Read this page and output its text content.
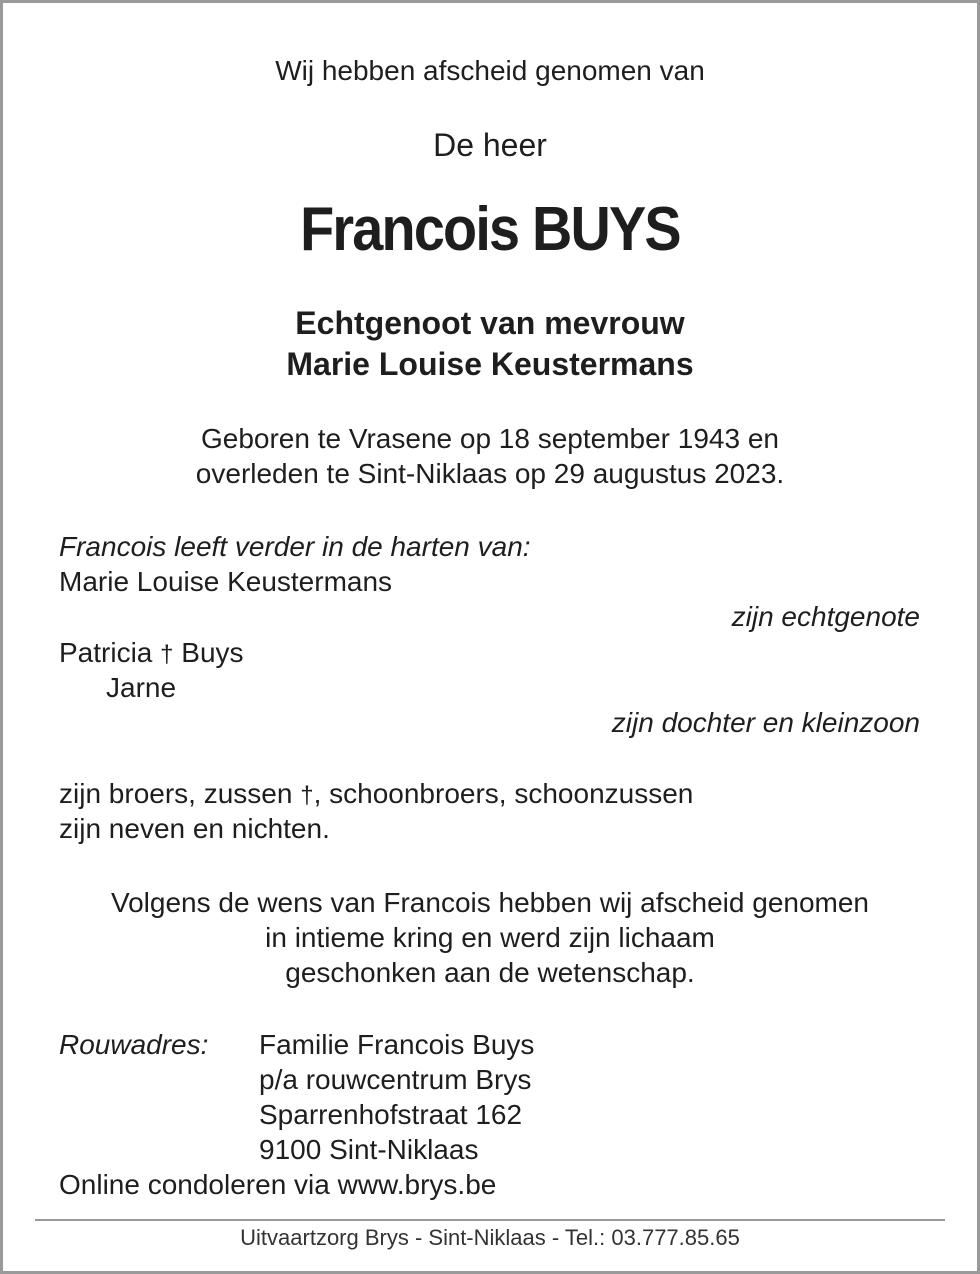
Wij hebben afscheid genomen van
De heer
Francois BUYS
Echtgenoot van mevrouw
Marie Louise Keustermans
Geboren te Vrasene op 18 september 1943 en
overleden te Sint-Niklaas op 29 augustus 2023.
Francois leeft verder in de harten van:
Marie Louise Keustermans
zijn echtgenote
Patricia † Buys
Jarne
zijn dochter en kleinzoon
zijn broers, zussen †, schoonbroers, schoonzussen
zijn neven en nichten.
Volgens de wens van Francois hebben wij afscheid genomen
in intieme kring en werd zijn lichaam
geschonken aan de wetenschap.
Rouwadres: Familie Francois Buys
p/a rouwcentrum Brys
Sparrenhofstraat 162
9100 Sint-Niklaas
Online condoleren via www.brys.be
Uitvaartzorg Brys - Sint-Niklaas - Tel.: 03.777.85.65
